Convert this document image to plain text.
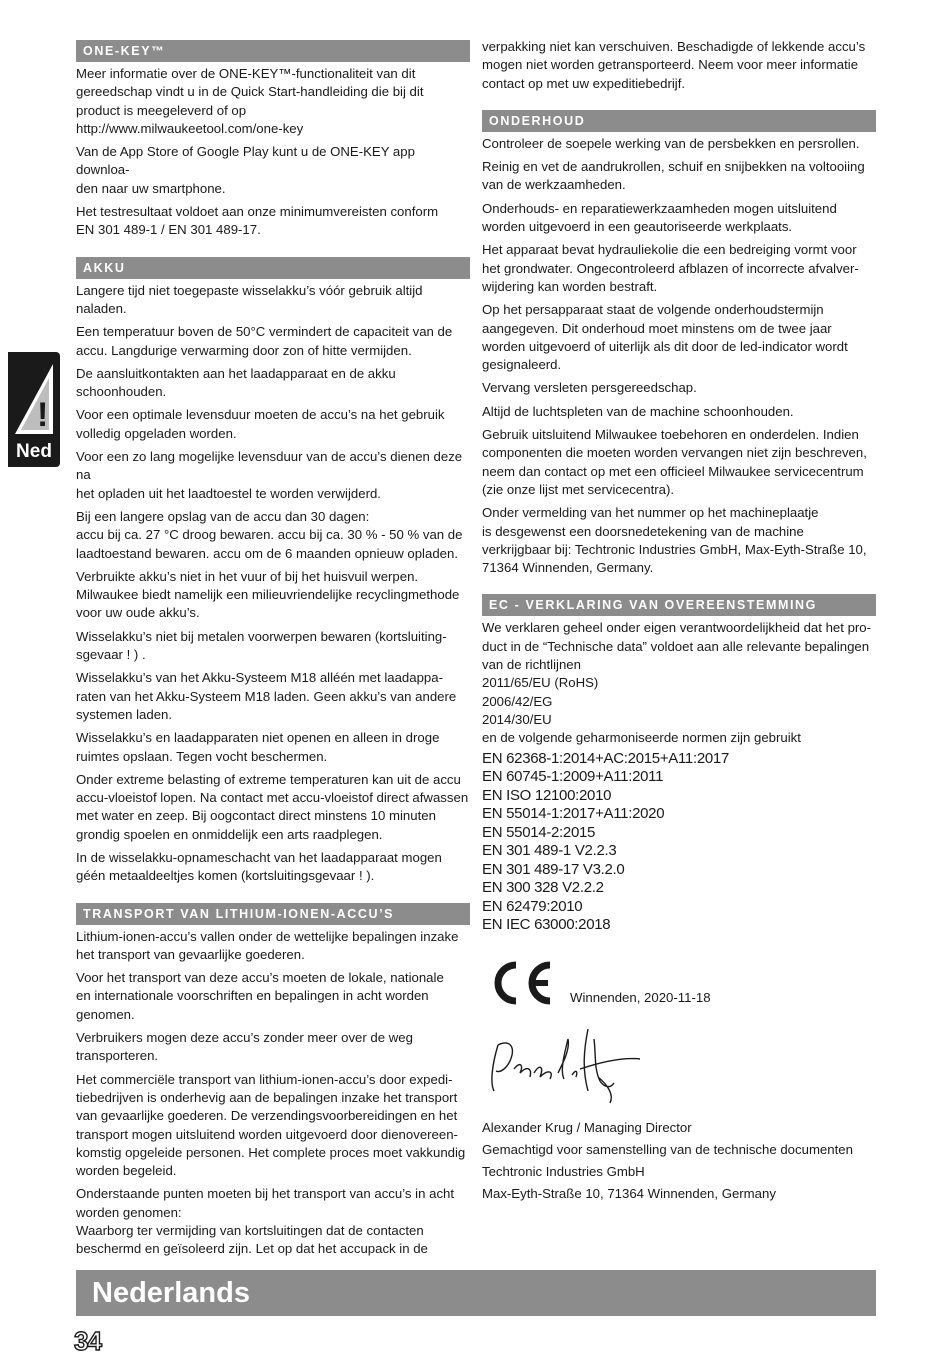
!
Ned
ONE-KEY™

Meer informatie over de ONE-KEY™-functionaliteit van dit
gereedschap vindt u in de Quick Start-handleiding die bij dit
product is meegeleverd of op
http://www.milwaukeetool.com/one-key

Van de App Store of Google Play kunt u de ONE-KEY app downloa-
den naar uw smartphone.

Het testresultaat voldoet aan onze minimumvereisten conform
EN 301 489-1 / EN 301 489-17.

AKKU

Langere tijd niet toegepaste wisselakku’s vóór gebruik altijd
naladen.

Een temperatuur boven de 50°C vermindert de capaciteit van de
accu. Langdurige verwarming door zon of hitte vermijden.

De aansluitkontakten aan het laadapparaat en de akku
schoonhouden.

Voor een optimale levensduur moeten de accu’s na het gebruik
volledig opgeladen worden.

Voor een zo lang mogelijke levensduur van de accu’s dienen deze na
het opladen uit het laadtoestel te worden verwijderd.

Bij een langere opslag van de accu dan 30 dagen:
accu bij ca. 27 °C droog bewaren. accu bij ca. 30 % - 50 % van de
laadtoestand bewaren. accu om de 6 maanden opnieuw opladen.

Verbruikte akku’s niet in het vuur of bij het huisvuil werpen.
Milwaukee biedt namelijk een milieuvriendelijke recyclingmethode
voor uw oude akku’s.

Wisselakku’s niet bij metalen voorwerpen bewaren (kortsluiting-
sgevaar ! ) .

Wisselakku’s van het Akku-Systeem M18 alléén met laadappa-
raten van het Akku-Systeem M18 laden. Geen akku’s van andere
systemen laden.

Wisselakku’s en laadapparaten niet openen en alleen in droge
ruimtes opslaan. Tegen vocht beschermen.

Onder extreme belasting of extreme temperaturen kan uit de accu
accu-vloeistof lopen. Na contact met accu-vloeistof direct afwassen
met water en zeep. Bij oogcontact direct minstens 10 minuten
grondig spoelen en onmiddelijk een arts raadplegen.

In de wisselakku-opnameschacht van het laadapparaat mogen
géén metaaldeeltjes komen (kortsluitingsgevaar ! ).

TRANSPORT VAN LITHIUM-IONEN-ACCU’S

Lithium-ionen-accu’s vallen onder de wettelijke bepalingen inzake
het transport van gevaarlijke goederen.

Voor het transport van deze accu’s moeten de lokale, nationale
en internationale voorschriften en bepalingen in acht worden
genomen.

Verbruikers mogen deze accu’s zonder meer over de weg
transporteren.

Het commerciële transport van lithium-ionen-accu’s door expedi-
tiebedrijven is onderhevig aan de bepalingen inzake het transport
van gevaarlijke goederen. De verzendingsvoorbereidingen en het
transport mogen uitsluitend worden uitgevoerd door dienovereen-
komstig opgeleide personen. Het complete proces moet vakkundig
worden begeleid.

Onderstaande punten moeten bij het transport van accu’s in acht
worden genomen:
Waarborg ter vermijding van kortsluitingen dat de contacten
beschermd en geïsoleerd zijn. Let op dat het accupack in de

verpakking niet kan verschuiven. Beschadigde of lekkende accu’s
mogen niet worden getransporteerd. Neem voor meer informatie
contact op met uw expeditiebedrijf.

ONDERHOUD

Controleer de soepele werking van de persbekken en persrollen.

Reinig en vet de aandrukrollen, schuif en snijbekken na voltooiing
van de werkzaamheden.

Onderhouds- en reparatiewerkzaamheden mogen uitsluitend
worden uitgevoerd in een geautoriseerde werkplaats.

Het apparaat bevat hydrauliekolie die een bedreiging vormt voor
het grondwater. Ongecontroleerd afblazen of incorrecte afvalver-
wijdering kan worden bestraft.

Op het persapparaat staat de volgende onderhoudstermijn
aangegeven. Dit onderhoud moet minstens om de twee jaar
worden uitgevoerd of uiterlijk als dit door de led-indicator wordt
gesignaleerd.

Vervang versleten persgereedschap.

Altijd de luchtspleten van de machine schoonhouden.

Gebruik uitsluitend Milwaukee toebehoren en onderdelen. Indien
componenten die moeten worden vervangen niet zijn beschreven,
neem dan contact op met een officieel Milwaukee servicecentrum
(zie onze lijst met servicecentra).

Onder vermelding van het nummer op het machineplaatje
is desgewenst een doorsnedetekening van de machine
verkrijgbaar bij: Techtronic Industries GmbH, Max-Eyth-Straße 10,
71364 Winnenden, Germany.

EC - VERKLARING VAN OVEREENSTEMMING

We verklaren geheel onder eigen verantwoordelijkheid dat het pro-
duct in de “Technische data” voldoet aan alle relevante bepalingen
van de richtlijnen
2011/65/EU (RoHS)
2006/42/EG
2014/30/EU
en de volgende geharmoniseerde normen zijn gebruikt

EN 62368-1:2014+AC:2015+A11:2017
EN 60745-1:2009+A11:2011
EN ISO 12100:2010
EN 55014-1:2017+A11:2020
EN 55014-2:2015
EN 301 489-1 V2.2.3
EN 301 489-17 V3.2.0
EN 300 328 V2.2.2
EN 62479:2010
EN IEC 63000:2018
Winnenden, 2020-11-18
Alexander Krug / Managing Director
Gemachtigd voor samenstelling van de technische documenten
Techtronic Industries GmbH
Max-Eyth-Straße 10, 71364 Winnenden, Germany
Nederlands
34
